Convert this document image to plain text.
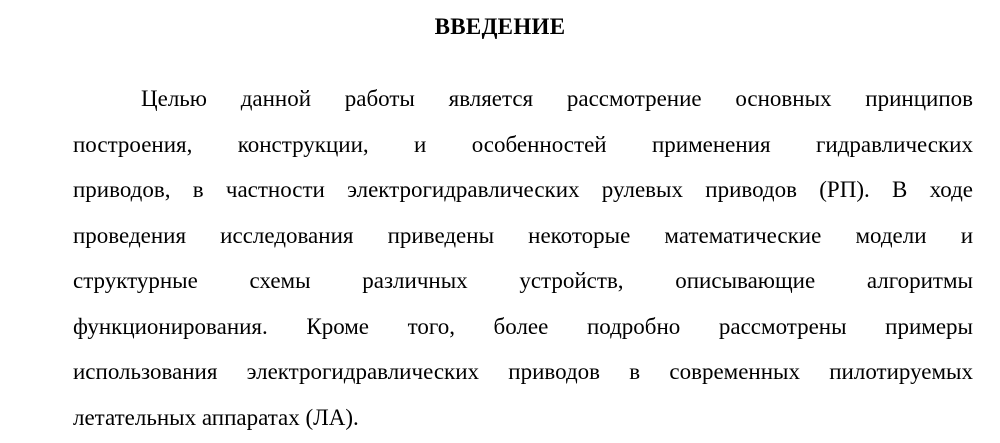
ВВЕДЕНИЕ
Целью данной работы является рассмотрение основных принципов
построения, конструкции, и особенностей применения гидравлических
приводов, в частности электрогидравлических рулевых приводов (РП). В ходе
проведения исследования приведены некоторые математические модели и
структурные схемы различных устройств, описывающие алгоритмы
функционирования. Кроме того, более подробно рассмотрены примеры
использования электрогидравлических приводов в современных пилотируемых
летательных аппаратах (ЛА).
